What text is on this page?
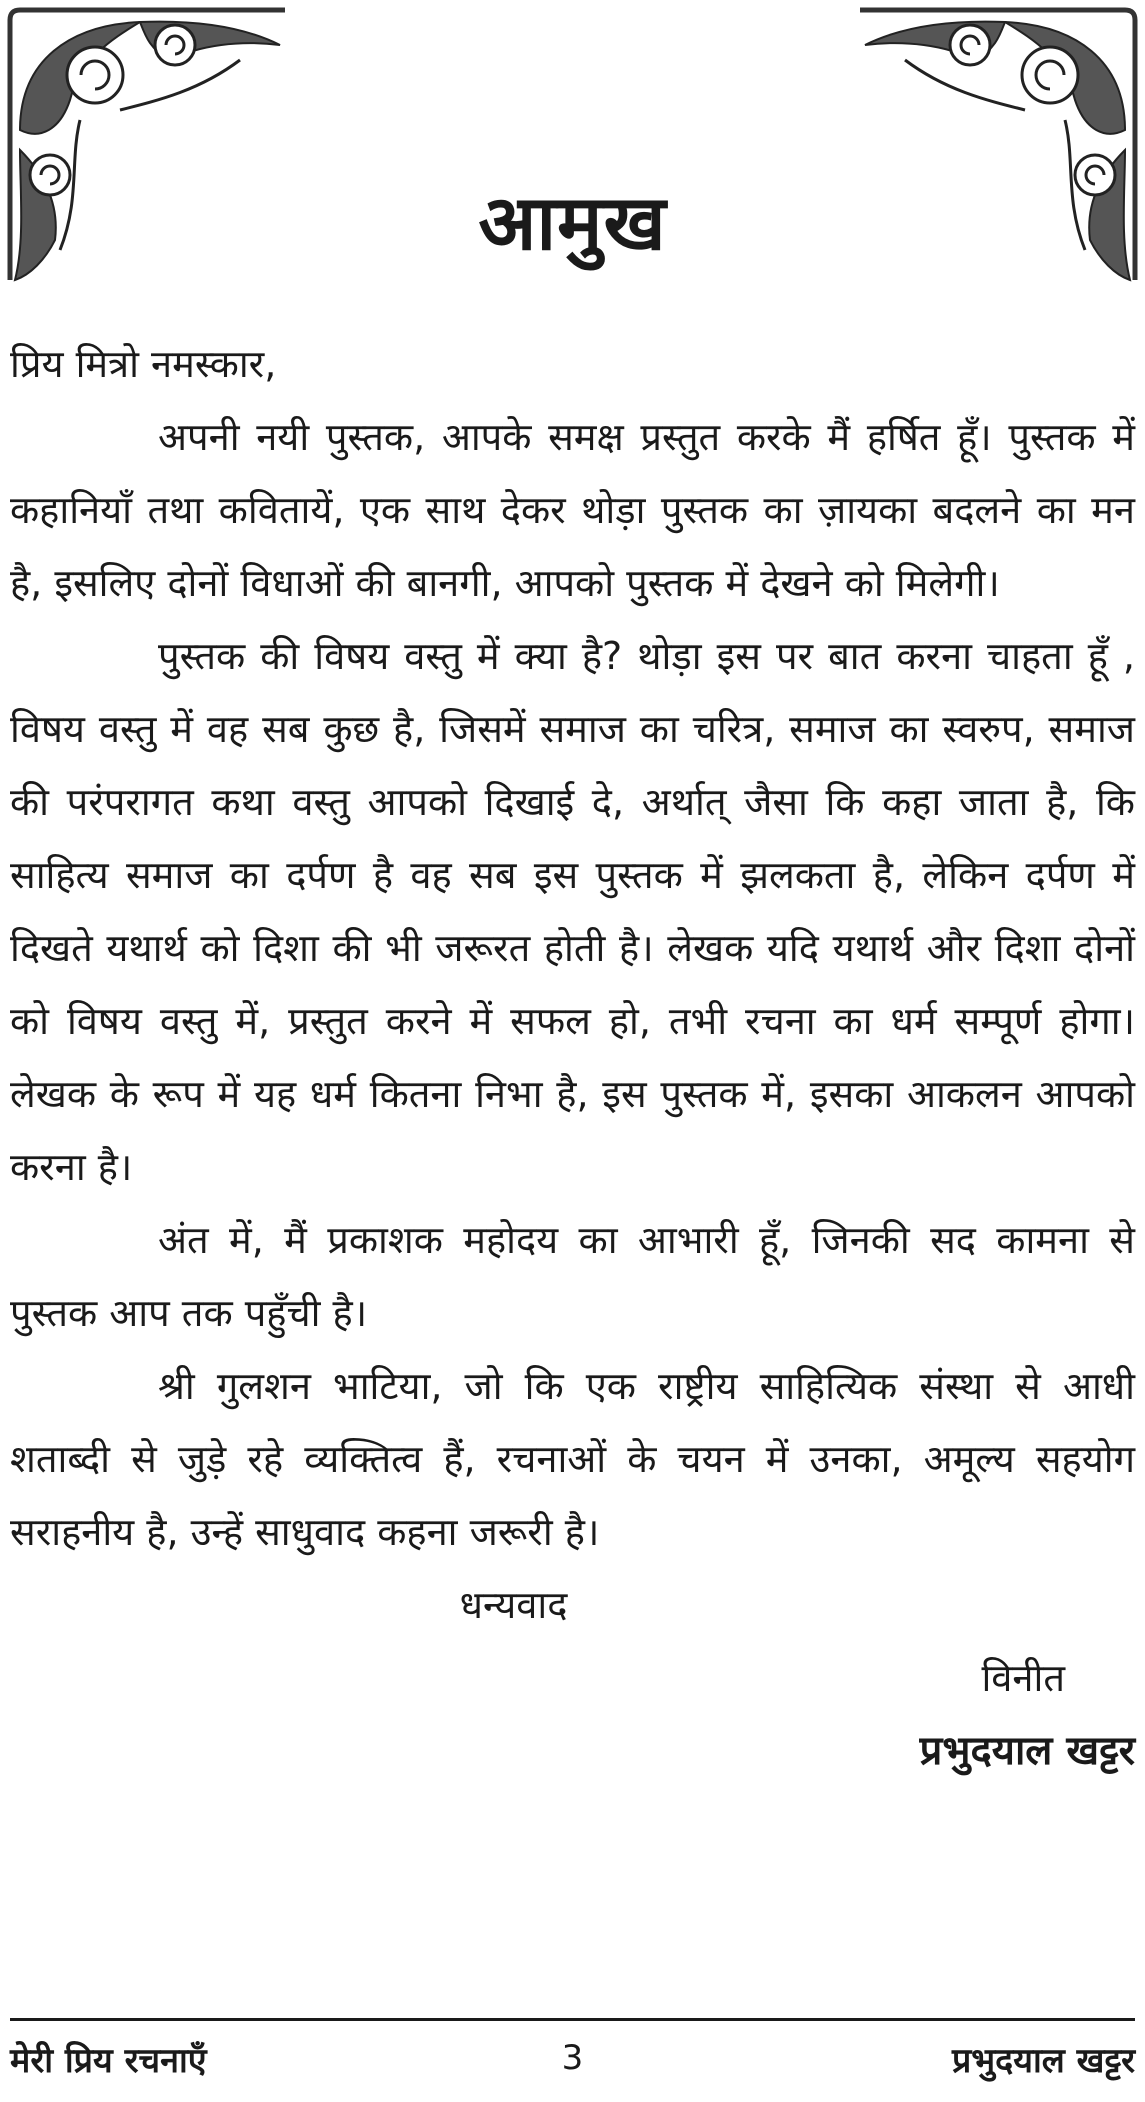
आमुख

प्रिय मित्रो नमस्कार,

अपनी नयी पुस्तक, आपके समक्ष प्रस्तुत करके मैं हर्षित हूँ। पुस्तक में कहानियाँ तथा कवितायें, एक साथ देकर थोड़ा पुस्तक का ज़ायका बदलने का मन है, इसलिए दोनों विधाओं की बानगी, आपको पुस्तक में देखने को मिलेगी।

पुस्तक की विषय वस्तु में क्या है? थोड़ा इस पर बात करना चाहता हूँ , विषय वस्तु में वह सब कुछ है, जिसमें समाज का चरित्र, समाज का स्वरुप, समाज की परंपरागत कथा वस्तु आपको दिखाई दे, अर्थात् जैसा कि कहा जाता है, कि साहित्य समाज का दर्पण है वह सब इस पुस्तक में झलकता है, लेकिन दर्पण में दिखते यथार्थ को दिशा की भी जरूरत होती है। लेखक यदि यथार्थ और दिशा दोनों को विषय वस्तु में, प्रस्तुत करने में सफल हो, तभी रचना का धर्म सम्पूर्ण होगा। लेखक के रूप में यह धर्म कितना निभा है, इस पुस्तक में, इसका आकलन आपको करना है।

अंत में, मैं प्रकाशक महोदय का आभारी हूँ, जिनकी सद कामना से पुस्तक आप तक पहुँची है।

श्री गुलशन भाटिया, जो कि एक राष्ट्रीय साहित्यिक संस्था से आधी शताब्दी से जुड़े रहे व्यक्तित्व हैं, रचनाओं के चयन में उनका, अमूल्य सहयोग सराहनीय है, उन्हें साधुवाद कहना जरूरी है।

धन्यवाद

विनीत

प्रभुदयाल खट्टर

मेरी प्रिय रचनाएँ	3	प्रभुदयाल खट्टर
